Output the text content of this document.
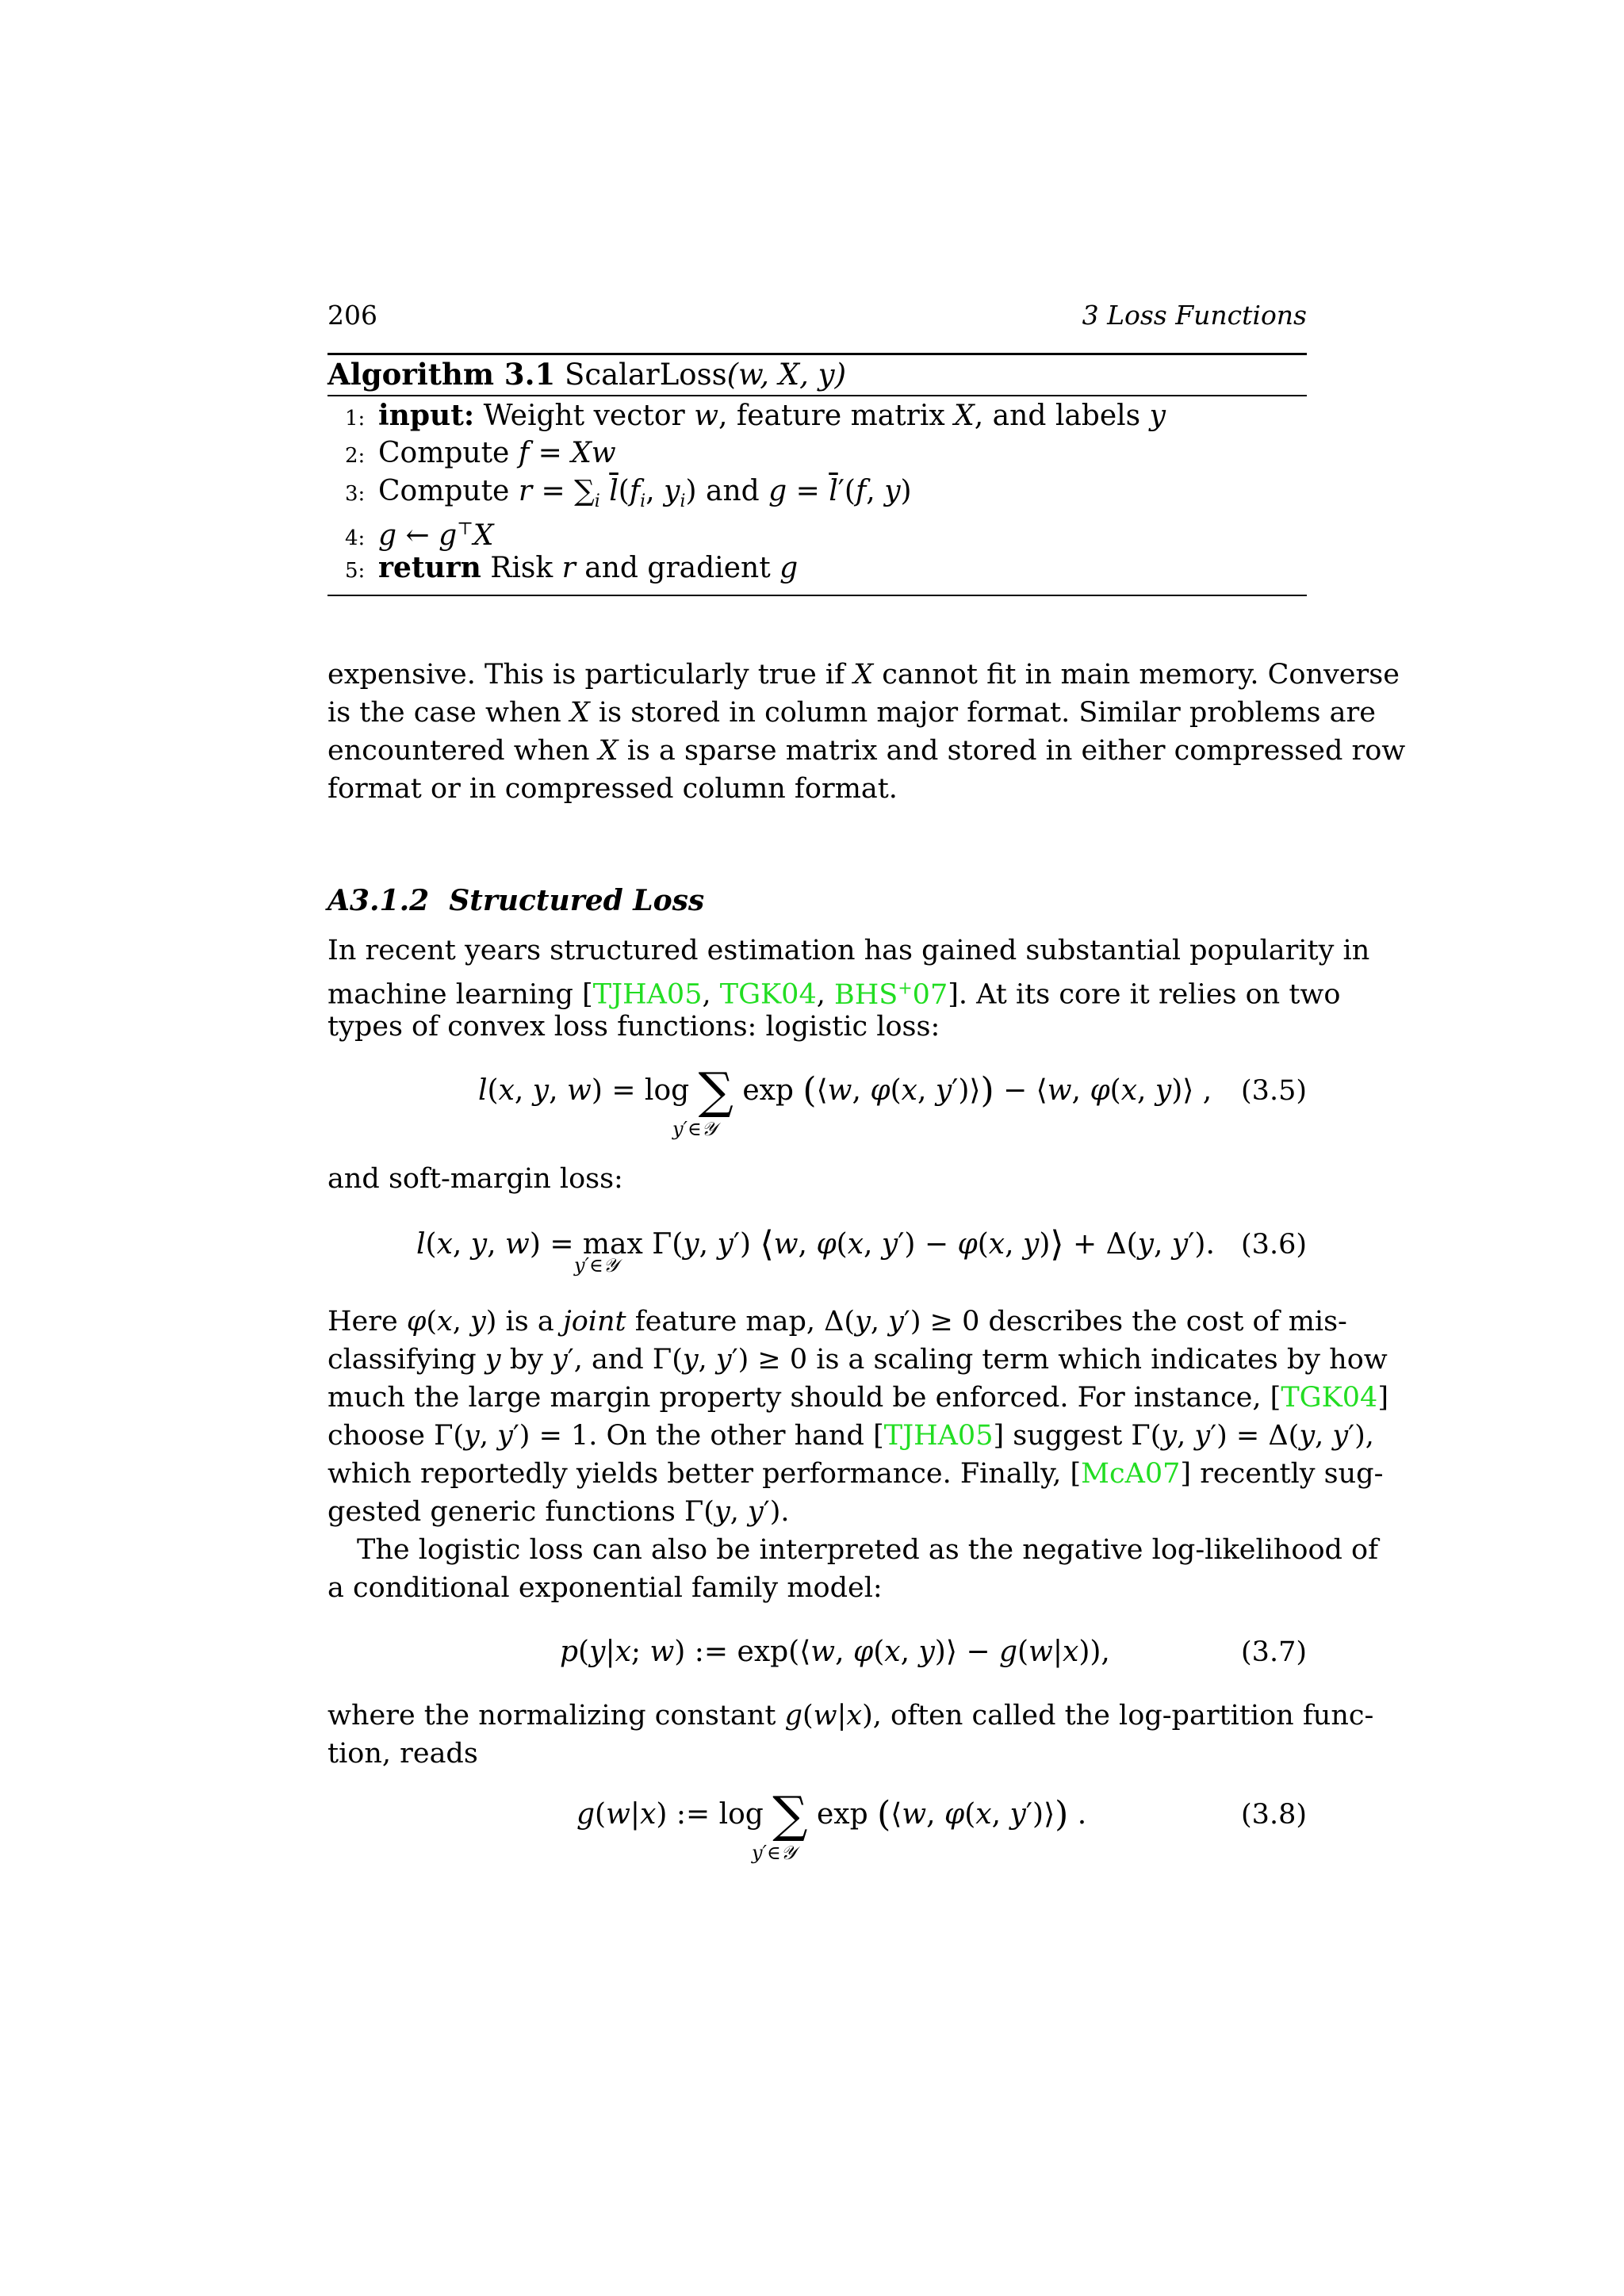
206	3 Loss Functions
Algorithm 3.1 ScalarLoss(w, X, y)
1: input: Weight vector w, feature matrix X, and labels y
2: Compute f = Xw
3: Compute $r = \sum_i$ $\overline{l}(f_i$, $y_i$) and $g = \overline{l}'(f$, y)
4: g ← g⊤X
5: return Risk r and gradient g
expensive. This is particularly true if X cannot fit in main memory. Converse
is the case when X is stored in column major format. Similar problems are
encountered when X is a sparse matrix and stored in either compressed row
format or in compressed column format.
A3.1.2 Structured Loss
In recent years structured estimation has gained substantial popularity in
machine learning [TJHA05, TGK04, BHS+07]. At its core it relies on two
types of convex loss functions: logistic loss:
l(x, y, w) = log ∑ exp (⟨w, φ(x, y′)⟩) − ⟨w, φ(x, y)⟩ ,
y′∈𝒴
(3.5)
and soft-margin loss:
l(x, y, w) = max Γ(y, y′) ⟨w, φ(x, y′) − φ(x, y)⟩ + Δ(y, y′).
y′∈𝒴
(3.6)
Here φ(x, y) is a joint feature map, Δ(y, y′) ≥ 0 describes the cost of mis-
classifying y by y′, and Γ(y, y′) ≥ 0 is a scaling term which indicates by how
much the large margin property should be enforced. For instance, [TGK04]
choose Γ(y, y′) = 1. On the other hand [TJHA05] suggest Γ(y, y′) = Δ(y, y′),
which reportedly yields better performance. Finally, [McA07] recently sug-
gested generic functions Γ(y, y′).
The logistic loss can also be interpreted as the negative log-likelihood of
a conditional exponential family model:
p(y|x; w) := exp(⟨w, φ(x, y)⟩ − g(w|x)),	(3.7)
where the normalizing constant g(w|x), often called the log-partition func-
tion, reads
g(w|x) := log ∑ exp (⟨w, φ(x, y′)⟩) .
y′∈𝒴
(3.8)
